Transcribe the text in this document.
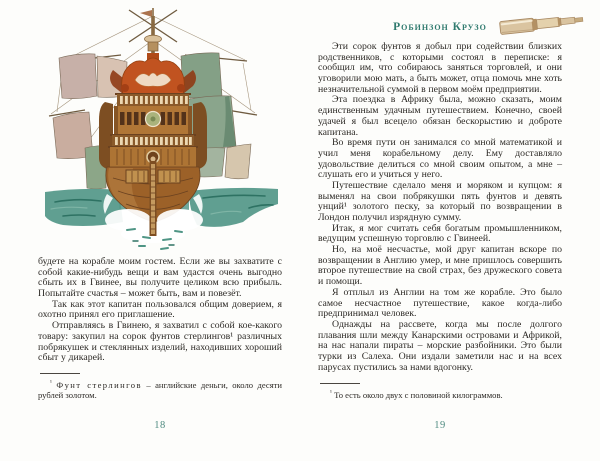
будете на корабле моим гостем. Если же вы захватите с собой какие-нибудь вещи и вам удастся очень выгодно сбыть их в Гвинее, вы получите целиком всю прибыль. Попытайте счастья – может быть, вам и повезёт.

Так как этот капитан пользовался общим доверием, я охотно принял его приглашение.

Отправляясь в Гвинею, я захватил с собой кое-какого товару: закупил на сорок фунтов стерлингов¹ различных побрякушек и стеклянных изделий, находивших хороший сбыт у дикарей.

$^{^1}$ Фунт стерлингов – английские деньги, около десяти рублей золотом.

18
Робинзон Крузо

Эти сорок фунтов я добыл при содействии близких родственников, с которыми состоял в переписке: я сообщил им, что собираюсь заняться торговлей, и они уговорили мою мать, а быть может, отца помочь мне хоть незначительной суммой в первом моём предприятии.

Эта поездка в Африку была, можно сказать, моим единственным удачным путешествием. Конечно, своей удачей я был всецело обязан бескорыстию и доброте капитана.

Во время пути он занимался со мной математикой и учил меня корабельному делу. Ему доставляло удовольствие делиться со мной своим опытом, а мне – слушать его и учиться у него.

Путешествие сделало меня и моряком и купцом: я выменял на свои побрякушки пять фунтов и девять унций¹ золотого песку, за который по возвращении в Лондон получил изрядную сумму.

Итак, я мог считать себя богатым промышленником, ведущим успешную торговлю с Гвинеей.

Но, на моё несчастье, мой друг капитан вскоре по возвращении в Англию умер, и мне пришлось совершить второе путешествие на свой страх, без дружеского совета и помощи.

Я отплыл из Англии на том же корабле. Это было самое несчастное путешествие, какое когда-либо предпринимал человек.

Однажды на рассвете, когда мы после долгого плавания шли между Канарскими островами и Африкой, на нас напали пираты – морские разбойники. Это были турки из Салеха. Они издали заметили нас и на всех парусах пустились за нами вдогонку.

$^{^1}$ То есть около двух с половиной килограммов.

19
